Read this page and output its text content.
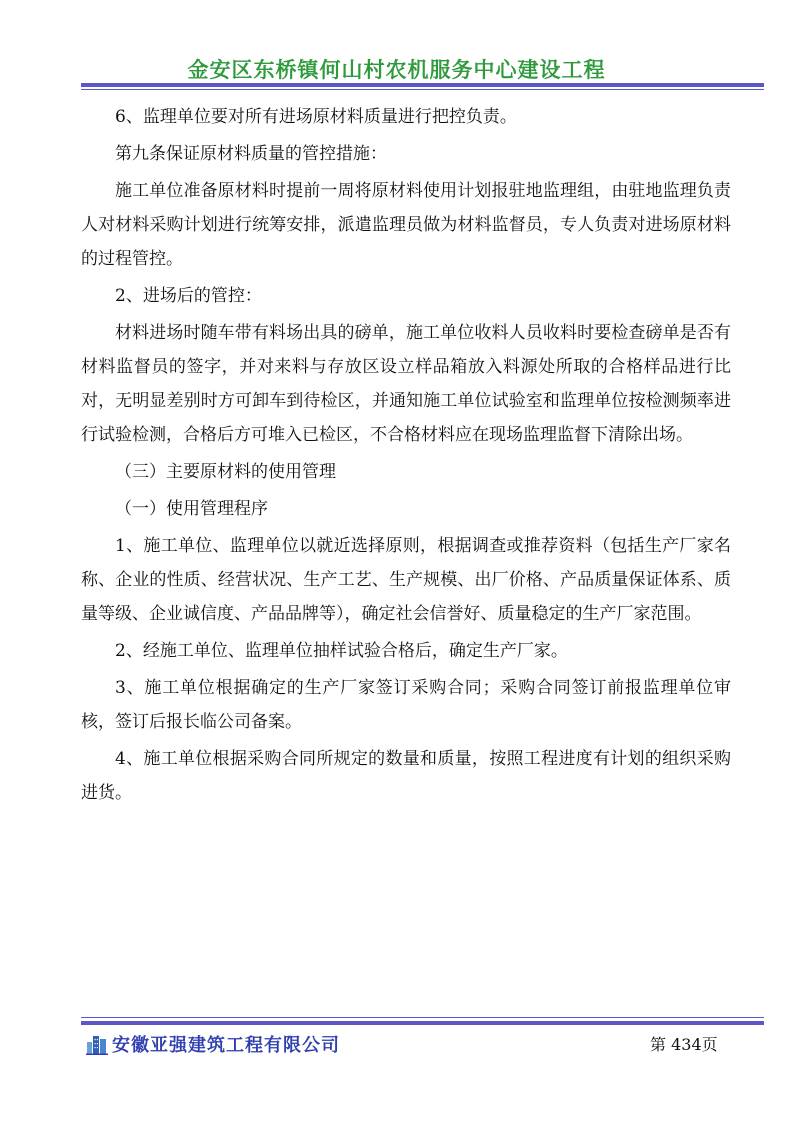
金安区东桥镇何山村农机服务中心建设工程

6、监理单位要对所有进场原材料质量进行把控负责。

第九条保证原材料质量的管控措施：

施工单位准备原材料时提前一周将原材料使用计划报驻地监理组，由驻地监理负责人对材料采购计划进行统筹安排，派遣监理员做为材料监督员，专人负责对进场原材料的过程管控。

2、进场后的管控：

材料进场时随车带有料场出具的磅单，施工单位收料人员收料时要检查磅单是否有材料监督员的签字，并对来料与存放区设立样品箱放入料源处所取的合格样品进行比对，无明显差别时方可卸车到待检区，并通知施工单位试验室和监理单位按检测频率进行试验检测，合格后方可堆入已检区，不合格材料应在现场监理监督下清除出场。

（三）主要原材料的使用管理

（一）使用管理程序

1、施工单位、监理单位以就近选择原则，根据调查或推荐资料（包括生产厂家名称、企业的性质、经营状况、生产工艺、生产规模、出厂价格、产品质量保证体系、质量等级、企业诚信度、产品品牌等），确定社会信誉好、质量稳定的生产厂家范围。

2、经施工单位、监理单位抽样试验合格后，确定生产厂家。

3、施工单位根据确定的生产厂家签订采购合同；采购合同签订前报监理单位审核，签订后报长临公司备案。

4、施工单位根据采购合同所规定的数量和质量，按照工程进度有计划的组织采购进货。

安徽亚强建筑工程有限公司	第 434页
